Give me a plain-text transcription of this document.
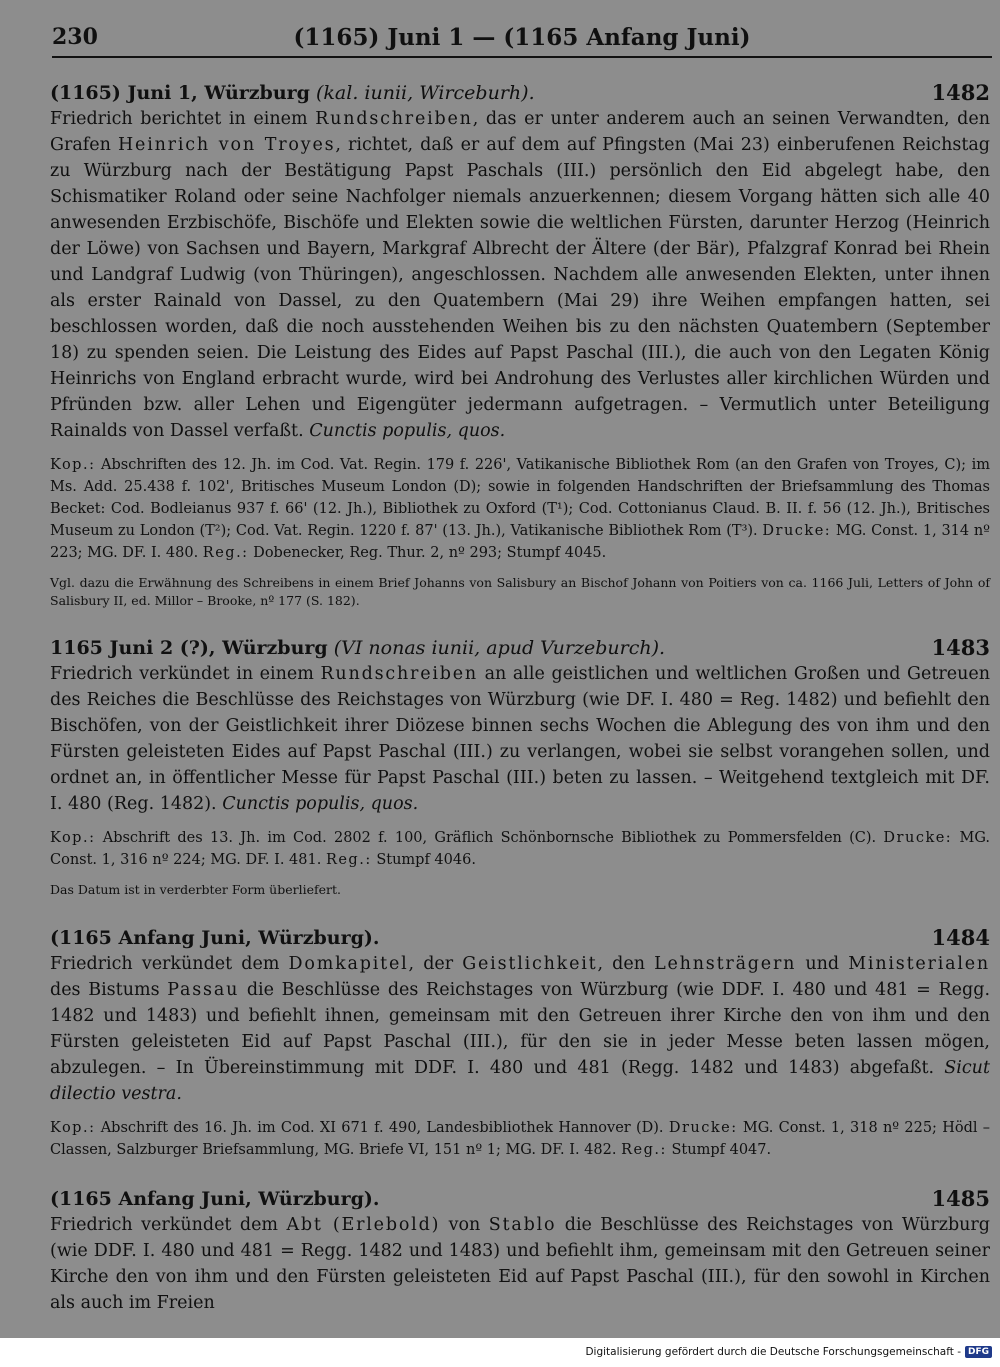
230	(1165) Juni 1 — (1165 Anfang Juni)
(1165) Juni 1, Würzburg (kal. iunii, Wirceburh).	1482

Friedrich berichtet in einem Rundschreiben, das er unter anderem auch an seinen Verwandten, den Grafen Heinrich von Troyes, richtet, daß er auf dem auf Pfingsten (Mai 23) einberufenen Reichstag zu Würzburg nach der Bestätigung Papst Paschals (III.) persönlich den Eid abgelegt habe, den Schismatiker Roland oder seine Nachfolger niemals anzuerkennen; diesem Vorgang hätten sich alle 40 anwesenden Erzbischöfe, Bischöfe und Elekten sowie die weltlichen Fürsten, darunter Herzog (Heinrich der Löwe) von Sachsen und Bayern, Markgraf Albrecht der Ältere (der Bär), Pfalzgraf Konrad bei Rhein und Landgraf Ludwig (von Thüringen), angeschlossen. Nachdem alle anwesenden Elekten, unter ihnen als erster Rainald von Dassel, zu den Quatembern (Mai 29) ihre Weihen empfangen hatten, sei beschlossen worden, daß die noch ausstehenden Weihen bis zu den nächsten Quatembern (September 18) zu spenden seien. Die Leistung des Eides auf Papst Paschal (III.), die auch von den Legaten König Heinrichs von England erbracht wurde, wird bei Androhung des Verlustes aller kirchlichen Würden und Pfründen bzw. aller Lehen und Eigengüter jedermann aufgetragen. – Vermutlich unter Beteiligung Rainalds von Dassel verfaßt. Cunctis populis, quos.

Kop.: Abschriften des 12. Jh. im Cod. Vat. Regin. 179 f. 226', Vatikanische Bibliothek Rom (an den Grafen von Troyes, C); im Ms. Add. 25.438 f. 102', Britisches Museum London (D); sowie in folgenden Handschriften der Briefsammlung des Thomas Becket: Cod. Bodleianus 937 f. 66' (12. Jh.), Bibliothek zu Oxford (T¹); Cod. Cottonianus Claud. B. II. f. 56 (12. Jh.), Britisches Museum zu London (T²); Cod. Vat. Regin. 1220 f. 87' (13. Jh.), Vatikanische Bibliothek Rom (T³). Drucke: MG. Const. 1, 314 nº 223; MG. DF. I. 480. Reg.: Dobenecker, Reg. Thur. 2, nº 293; Stumpf 4045.

Vgl. dazu die Erwähnung des Schreibens in einem Brief Johanns von Salisbury an Bischof Johann von Poitiers von ca. 1166 Juli, Letters of John of Salisbury II, ed. Millor – Brooke, nº 177 (S. 182).

1165 Juni 2 (?), Würzburg (VI nonas iunii, apud Vurzeburch).	1483

Friedrich verkündet in einem Rundschreiben an alle geistlichen und weltlichen Großen und Getreuen des Reiches die Beschlüsse des Reichstages von Würzburg (wie DF. I. 480 = Reg. 1482) und befiehlt den Bischöfen, von der Geistlichkeit ihrer Diözese binnen sechs Wochen die Ablegung des von ihm und den Fürsten geleisteten Eides auf Papst Paschal (III.) zu verlangen, wobei sie selbst vorangehen sollen, und ordnet an, in öffentlicher Messe für Papst Paschal (III.) beten zu lassen. – Weitgehend textgleich mit DF. I. 480 (Reg. 1482). Cunctis populis, quos.

Kop.: Abschrift des 13. Jh. im Cod. 2802 f. 100, Gräflich Schönbornsche Bibliothek zu Pommersfelden (C). Drucke: MG. Const. 1, 316 nº 224; MG. DF. I. 481. Reg.: Stumpf 4046.

Das Datum ist in verderbter Form überliefert.

(1165 Anfang Juni, Würzburg).	1484

Friedrich verkündet dem Domkapitel, der Geistlichkeit, den Lehnsträgern und Ministerialen des Bistums Passau die Beschlüsse des Reichstages von Würzburg (wie DDF. I. 480 und 481 = Regg. 1482 und 1483) und befiehlt ihnen, gemeinsam mit den Getreuen ihrer Kirche den von ihm und den Fürsten geleisteten Eid auf Papst Paschal (III.), für den sie in jeder Messe beten lassen mögen, abzulegen. – In Übereinstimmung mit DDF. I. 480 und 481 (Regg. 1482 und 1483) abgefaßt. Sicut dilectio vestra.

Kop.: Abschrift des 16. Jh. im Cod. XI 671 f. 490, Landesbibliothek Hannover (D). Drucke: MG. Const. 1, 318 nº 225; Hödl – Classen, Salzburger Briefsammlung, MG. Briefe VI, 151 nº 1; MG. DF. I. 482. Reg.: Stumpf 4047.

(1165 Anfang Juni, Würzburg).	1485

Friedrich verkündet dem Abt (Erlebold) von Stablo die Beschlüsse des Reichstages von Würzburg (wie DDF. I. 480 und 481 = Regg. 1482 und 1483) und befiehlt ihm, gemeinsam mit den Getreuen seiner Kirche den von ihm und den Fürsten geleisteten Eid auf Papst Paschal (III.), für den sowohl in Kirchen als auch im Freien

Digitalisierung gefördert durch die Deutsche Forschungsgemeinschaft - DFG
